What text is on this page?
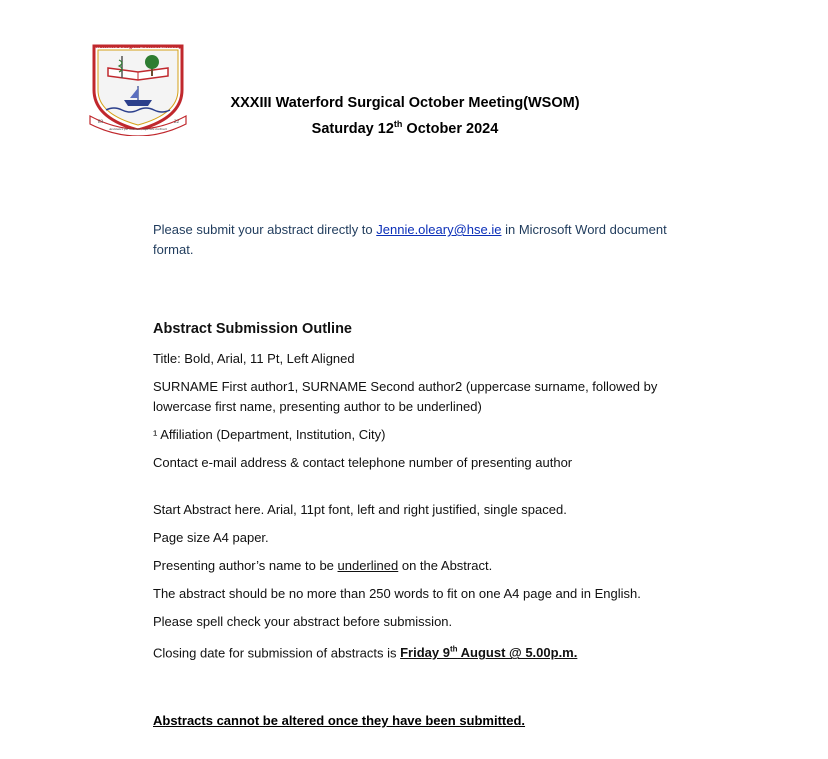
Waterford Surgical October Meeting
83	22
Assistance per ordinate, superare inclinari
XXXIII Waterford Surgical October Meeting(WSOM)
Saturday 12th October 2024
Please submit your abstract directly to Jennie.oleary@hse.ie in Microsoft Word document format.
Abstract Submission Outline

Title: Bold, Arial, 11 Pt, Left Aligned

SURNAME First author1, SURNAME Second author2 (uppercase surname, followed by lowercase first name, presenting author to be underlined)

¹ Affiliation (Department, Institution, City)

Contact e-mail address & contact telephone number of presenting author

Start Abstract here. Arial, 11pt font, left and right justified, single spaced.

Page size A4 paper.

Presenting author’s name to be underlined on the Abstract.

The abstract should be no more than 250 words to fit on one A4 page and in English.

Please spell check your abstract before submission.

Closing date for submission of abstracts is Friday 9th August @ 5.00p.m.

Abstracts cannot be altered once they have been submitted.
